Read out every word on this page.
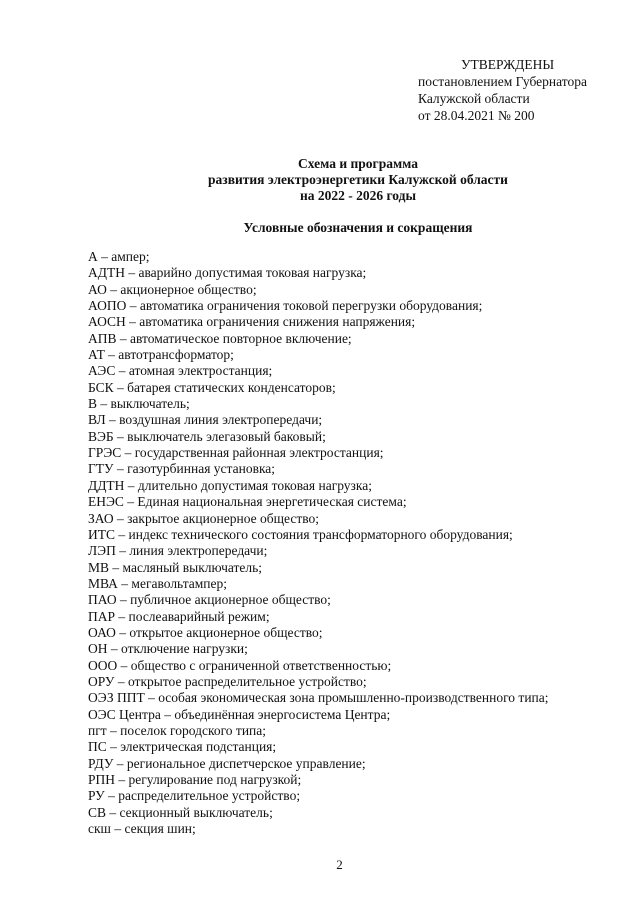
УТВЕРЖДЕНЫ
постановлением Губернатора
Калужской области
от 28.04.2021 № 200
Схема и программа
развития электроэнергетики Калужской области
на 2022 - 2026 годы
Условные обозначения и сокращения
А – ампер;
АДТН – аварийно допустимая токовая нагрузка;
АО – акционерное общество;
АОПО – автоматика ограничения токовой перегрузки оборудования;
АОСН – автоматика ограничения снижения напряжения;
АПВ – автоматическое повторное включение;
АТ – автотрансформатор;
АЭС – атомная электростанция;
БСК – батарея статических конденсаторов;
В – выключатель;
ВЛ – воздушная линия электропередачи;
ВЭБ – выключатель элегазовый баковый;
ГРЭС – государственная районная электростанция;
ГТУ – газотурбинная установка;
ДДТН – длительно допустимая токовая нагрузка;
ЕНЭС – Единая национальная энергетическая система;
ЗАО – закрытое акционерное общество;
ИТС – индекс технического состояния трансформаторного оборудования;
ЛЭП – линия электропередачи;
МВ – масляный выключатель;
МВА – мегавольтампер;
ПАО – публичное акционерное общество;
ПАР – послеаварийный режим;
ОАО – открытое акционерное общество;
ОН – отключение нагрузки;
ООО – общество с ограниченной ответственностью;
ОРУ – открытое распределительное устройство;
ОЭЗ ППТ – особая экономическая зона промышленно-производственного типа;
ОЭС Центра – объединённая энергосистема Центра;
пгт – поселок городского типа;
ПС – электрическая подстанция;
РДУ – региональное диспетчерское управление;
РПН – регулирование под нагрузкой;
РУ – распределительное устройство;
СВ – секционный выключатель;
скш – секция шин;
2
